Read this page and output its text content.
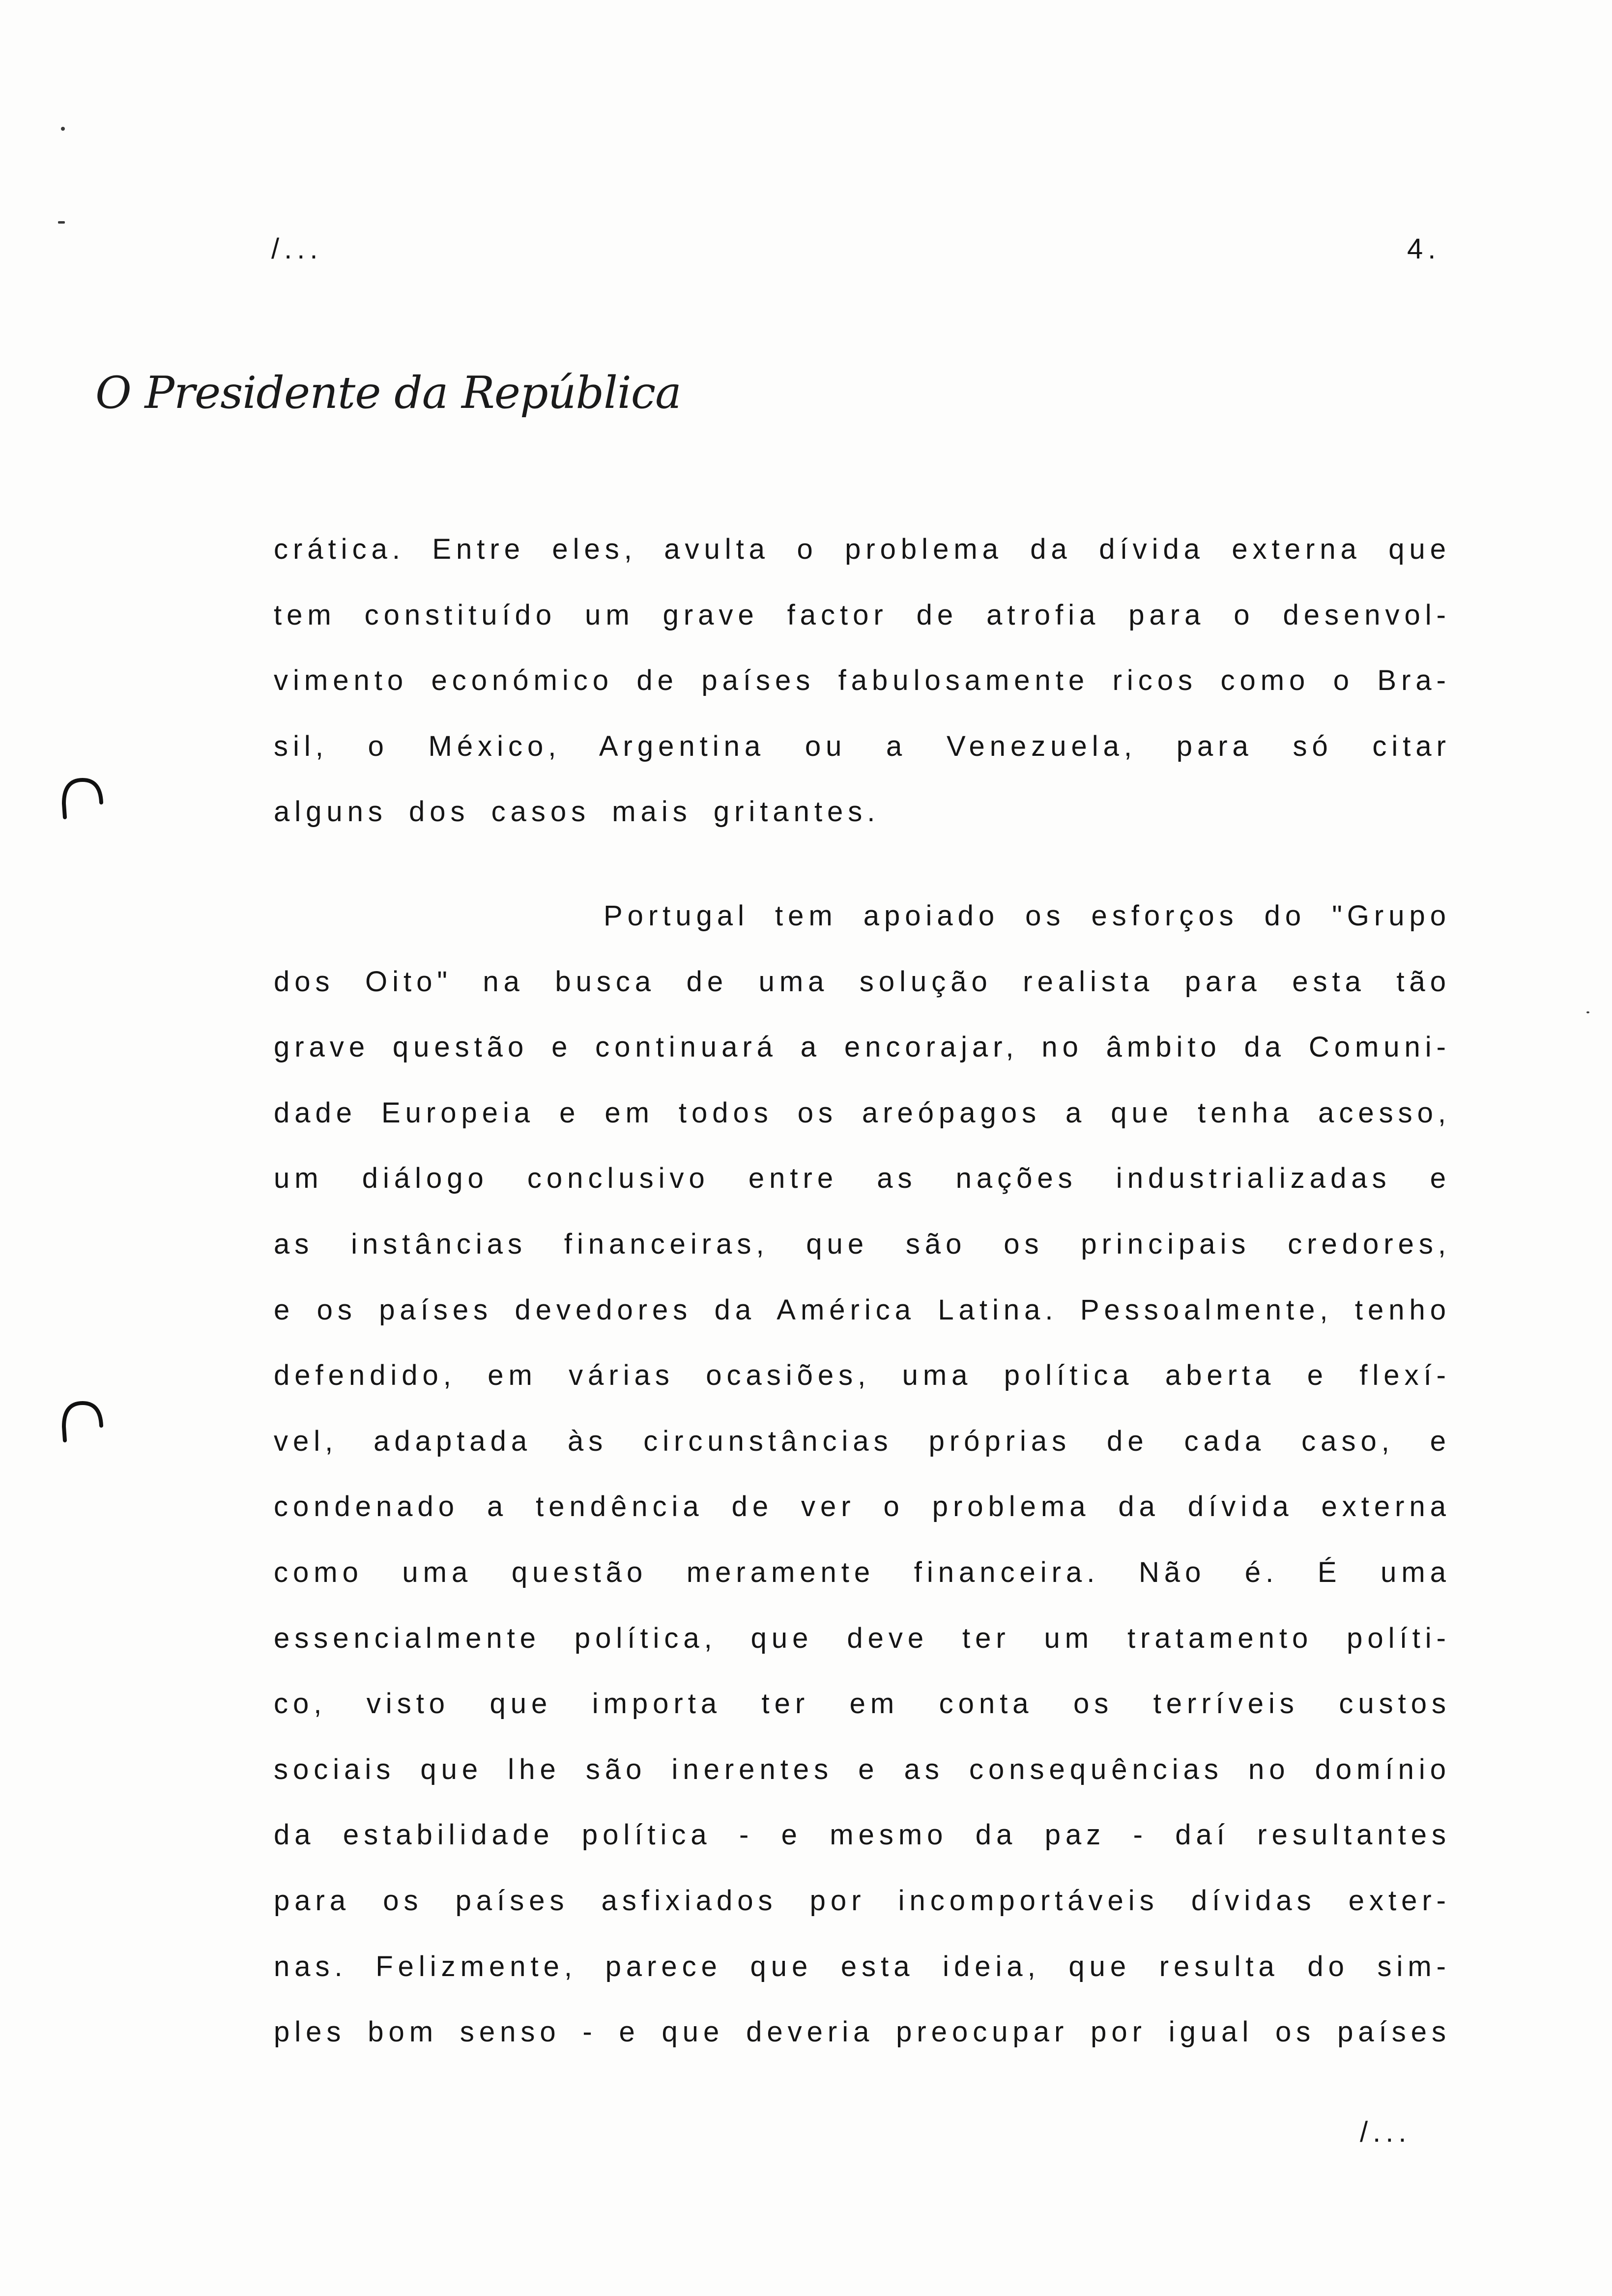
/...	4.
O Presidente da República
crática. Entre eles, avulta o problema da dívida externa que
tem constituído um grave factor de atrofia para o desenvol-
vimento económico de países fabulosamente ricos como o Bra-
sil, o México, Argentina ou a Venezuela, para só citar
alguns dos casos mais gritantes.
Portugal tem apoiado os esforços do "Grupo
dos Oito" na busca de uma solução realista para esta tão
grave questão e continuará a encorajar, no âmbito da Comuni-
dade Europeia e em todos os areópagos a que tenha acesso,
um diálogo conclusivo entre as nações industrializadas e
as instâncias financeiras, que são os principais credores,
e os países devedores da América Latina. Pessoalmente, tenho
defendido, em várias ocasiões, uma política aberta e flexí-
vel, adaptada às circunstâncias próprias de cada caso, e
condenado a tendência de ver o problema da dívida externa
como uma questão meramente financeira. Não é. É uma
essencialmente política, que deve ter um tratamento políti-
co, visto que importa ter em conta os terríveis custos
sociais que lhe são inerentes e as consequências no domínio
da estabilidade política - e mesmo da paz - daí resultantes
para os países asfixiados por incomportáveis dívidas exter-
nas. Felizmente, parece que esta ideia, que resulta do sim-
ples bom senso - e que deveria preocupar por igual os países
/...
